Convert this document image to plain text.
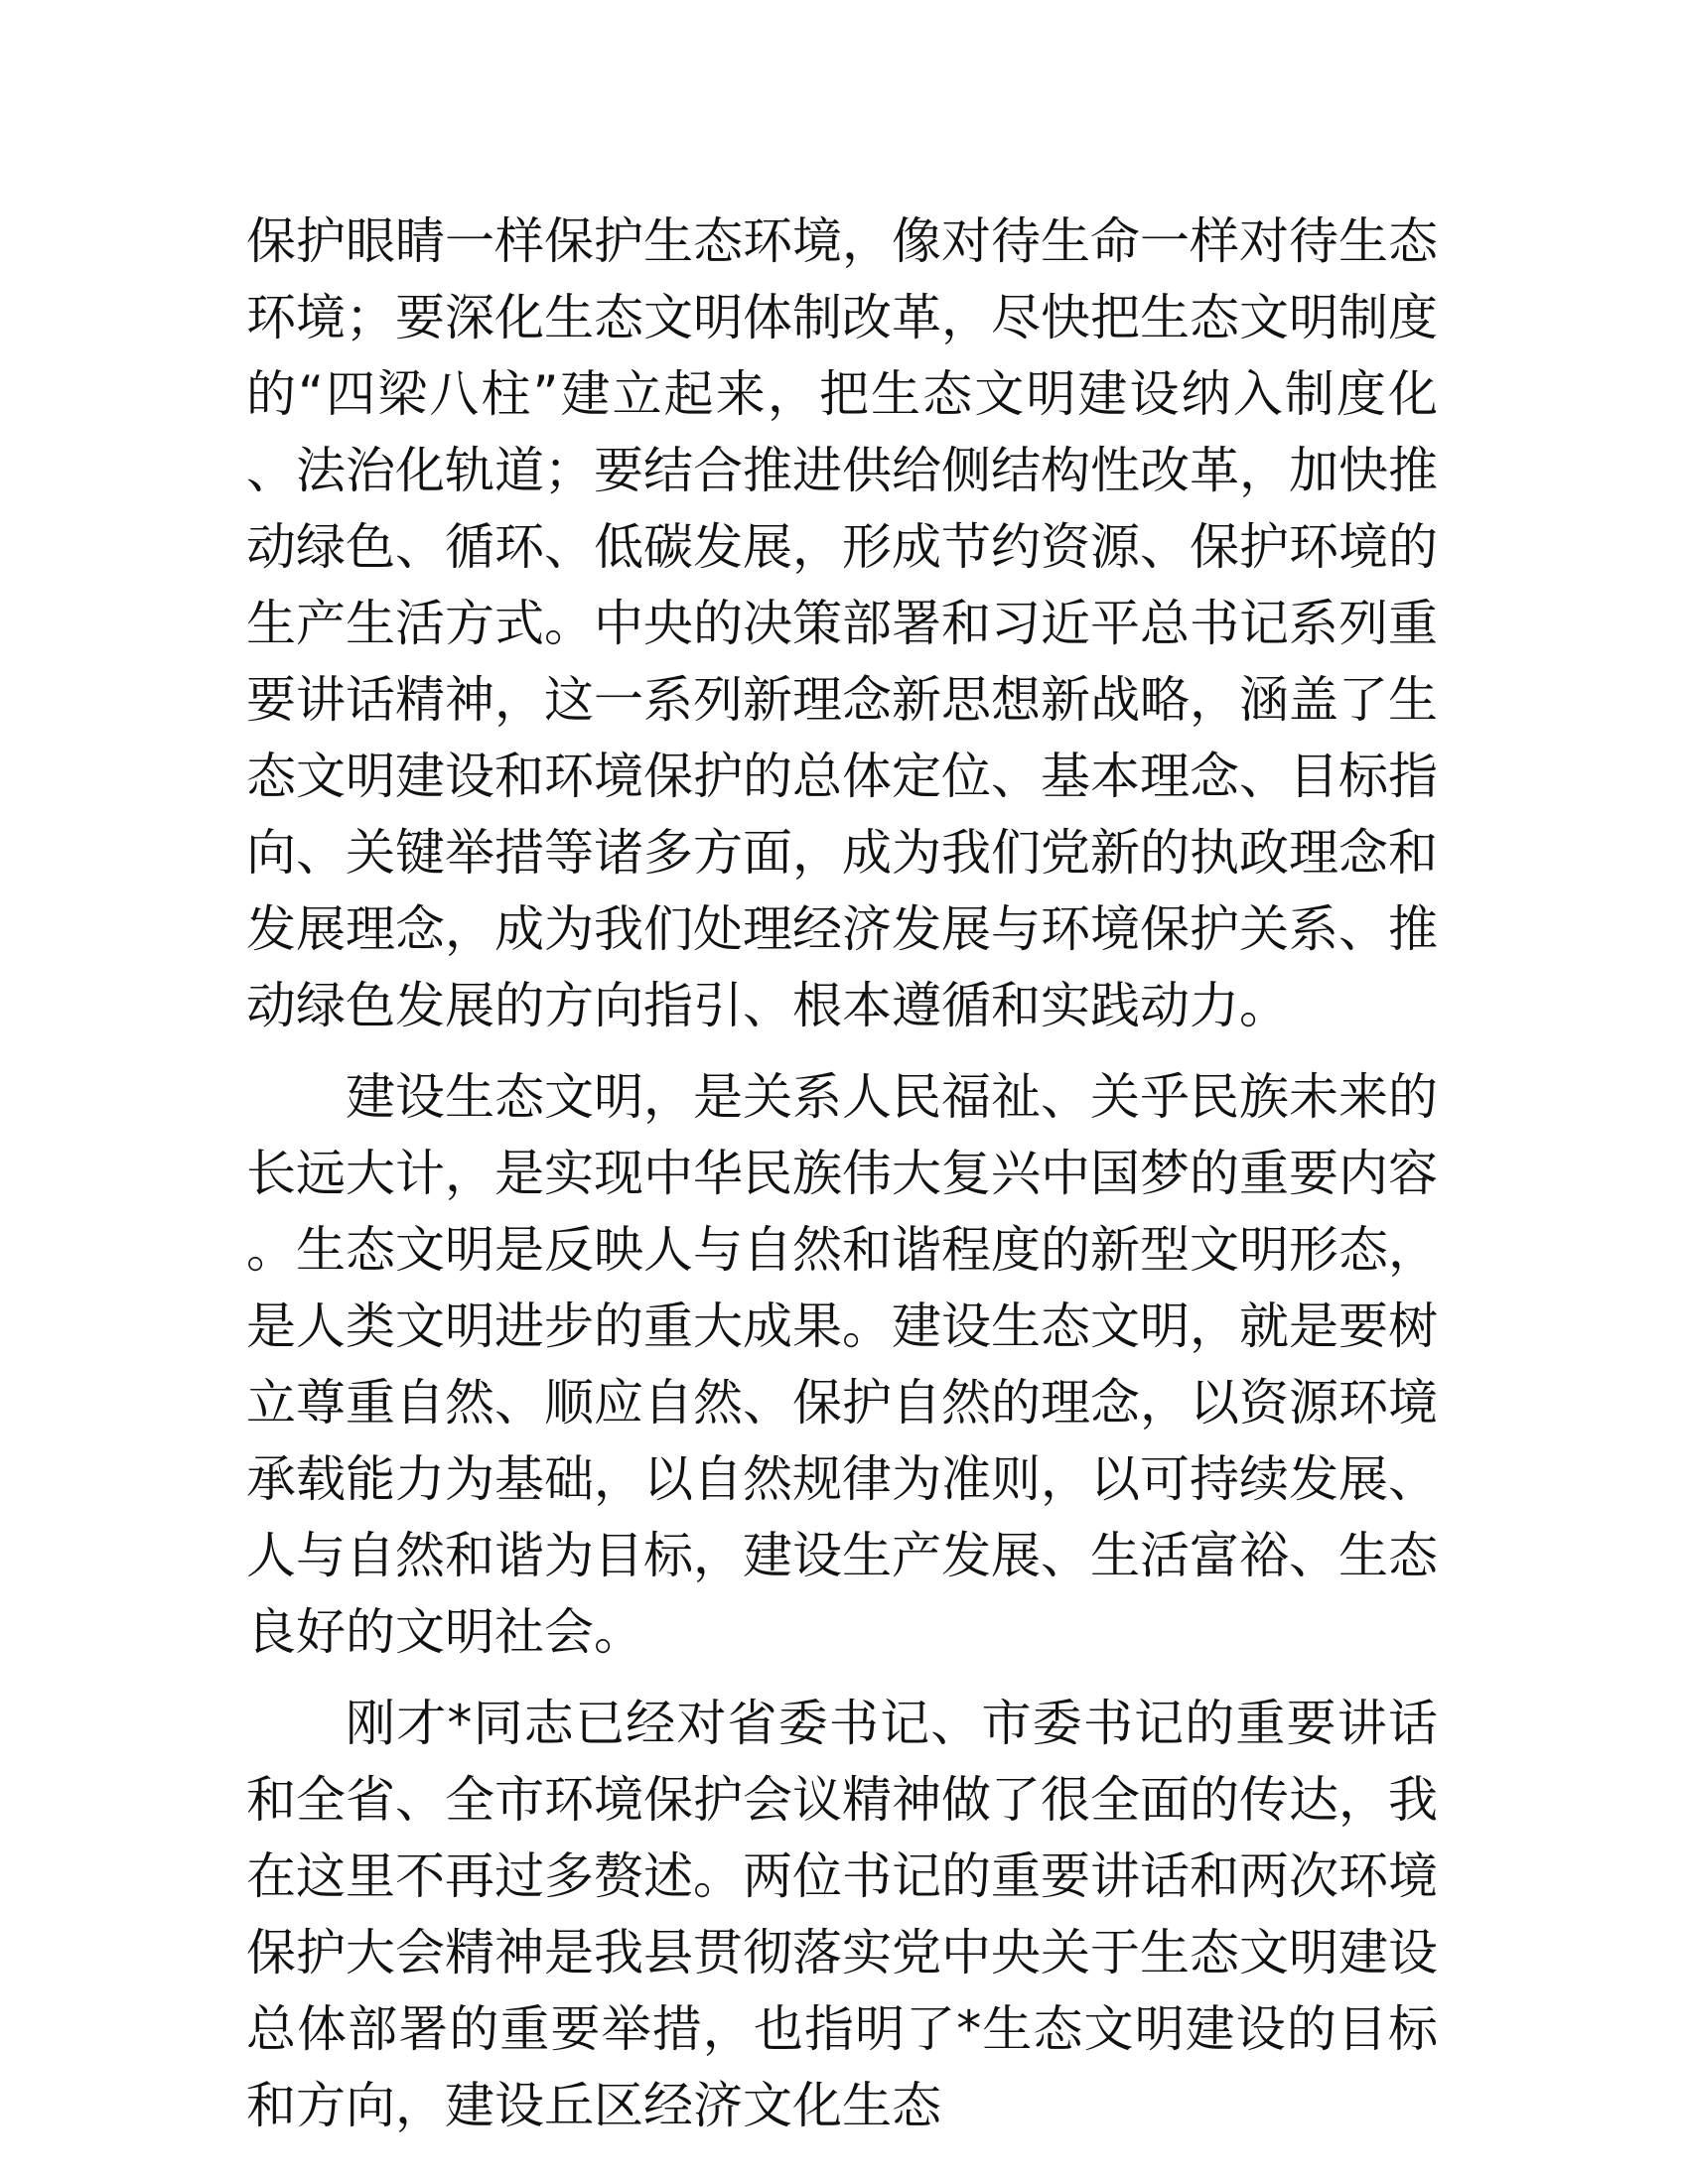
保护眼睛一样保护生态环境，像对待生命一样对待生态环境；要深化生态文明体制改革，尽快把生态文明制度的“四梁八柱”建立起来，把生态文明建设纳入制度化、法治化轨道；要结合推进供给侧结构性改革，加快推动绿色、循环、低碳发展，形成节约资源、保护环境的生产生活方式。中央的决策部署和习近平总书记系列重要讲话精神，这一系列新理念新思想新战略，涵盖了生态文明建设和环境保护的总体定位、基本理念、目标指向、关键举措等诸多方面，成为我们党新的执政理念和发展理念，成为我们处理经济发展与环境保护关系、推动绿色发展的方向指引、根本遵循和实践动力。

建设生态文明，是关系人民福祉、关乎民族未来的长远大计，是实现中华民族伟大复兴中国梦的重要内容。生态文明是反映人与自然和谐程度的新型文明形态，是人类文明进步的重大成果。建设生态文明，就是要树立尊重自然、顺应自然、保护自然的理念，以资源环境承载能力为基础，以自然规律为准则，以可持续发展、人与自然和谐为目标，建设生产发展、生活富裕、生态良好的文明社会。

刚才*同志已经对省委书记、市委书记的重要讲话和全省、全市环境保护会议精神做了很全面的传达，我在这里不再过多赘述。两位书记的重要讲话和两次环境保护大会精神是我县贯彻落实党中央关于生态文明建设总体部署的重要举措，也指明了*生态文明建设的目标和方向，建设丘区经济文化生态
